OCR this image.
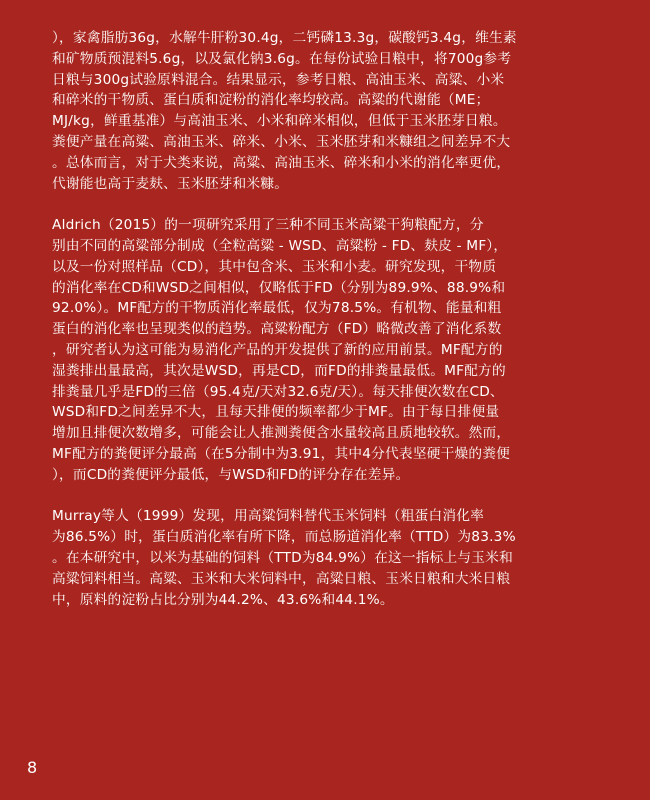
），家禽脂肪36g，水解牛肝粉30.4g，二钙磷13.3g，碳酸钙3.4g，维生素
和矿物质预混料5.6g，以及氯化钠3.6g。在每份试验日粮中，将700g参考
日粮与300g试验原料混合。结果显示，参考日粮、高油玉米、高粱、小米
和碎米的干物质、蛋白质和淀粉的消化率均较高。高粱的代谢能（ME；
MJ/kg，鲜重基准）与高油玉米、小米和碎米相似，但低于玉米胚芽日粮。
粪便产量在高粱、高油玉米、碎米、小米、玉米胚芽和米糠组之间差异不大
。总体而言，对于犬类来说，高粱、高油玉米、碎米和小米的消化率更优，
代谢能也高于麦麸、玉米胚芽和米糠。
Aldrich（2015）的一项研究采用了三种不同玉米高粱干狗粮配方，分
别由不同的高粱部分制成（全粒高粱 - WSD、高粱粉 - FD、麸皮 - MF），
以及一份对照样品（CD），其中包含米、玉米和小麦。研究发现，干物质
的消化率在CD和WSD之间相似，仅略低于FD（分别为89.9%、88.9%和
92.0%）。MF配方的干物质消化率最低，仅为78.5%。有机物、能量和粗
蛋白的消化率也呈现类似的趋势。高粱粉配方（FD）略微改善了消化系数
，研究者认为这可能为易消化产品的开发提供了新的应用前景。MF配方的
湿粪排出量最高，其次是WSD，再是CD，而FD的排粪量最低。MF配方的
排粪量几乎是FD的三倍（95.4克/天对32.6克/天）。每天排便次数在CD、
WSD和FD之间差异不大，且每天排便的频率都少于MF。由于每日排便量
增加且排便次数增多，可能会让人推测粪便含水量较高且质地较软。然而，
MF配方的粪便评分最高（在5分制中为3.91，其中4分代表坚硬干燥的粪便
），而CD的粪便评分最低，与WSD和FD的评分存在差异。
Murray等人（1999）发现，用高粱饲料替代玉米饲料（粗蛋白消化率
为86.5%）时，蛋白质消化率有所下降，而总肠道消化率（TTD）为83.3%
。在本研究中，以米为基础的饲料（TTD为84.9%）在这一指标上与玉米和
高粱饲料相当。高粱、玉米和大米饲料中，高粱日粮、玉米日粮和大米日粮
中，原料的淀粉占比分别为44.2%、43.6%和44.1%。
8
